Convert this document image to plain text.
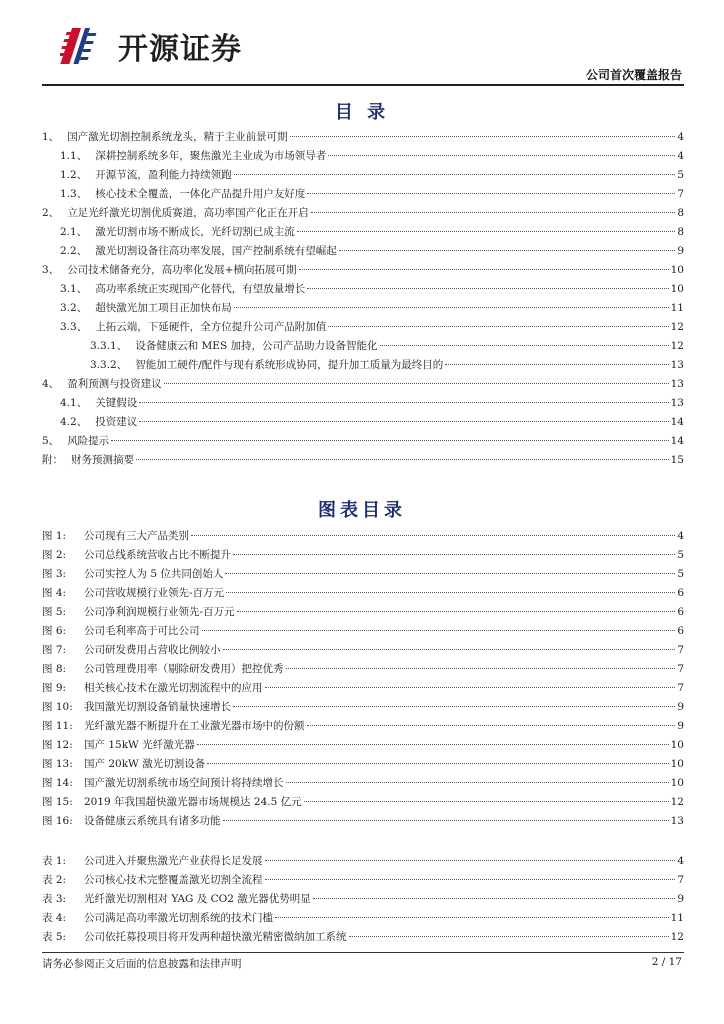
开源证券
公司首次覆盖报告
目 录
1、 国产激光切割控制系统龙头，精于主业前景可期	4
1.1、 深耕控制系统多年，聚焦激光主业成为市场领导者	4
1.2、 开源节流，盈利能力持续领跑	5
1.3、 核心技术全覆盖，一体化产品提升用户友好度	7
2、 立足光纤激光切割优质赛道，高功率国产化正在开启	8
2.1、 激光切割市场不断成长，光纤切割已成主流	8
2.2、 激光切割设备往高功率发展，国产控制系统有望崛起	9
3、 公司技术储备充分，高功率化发展+横向拓展可期	10
3.1、 高功率系统正实现国产化替代，有望放量增长	10
3.2、 超快激光加工项目正加快布局	11
3.3、 上拓云端，下延硬件，全方位提升公司产品附加值	12
3.3.1、 设备健康云和 MES 加持，公司产品助力设备智能化	12
3.3.2、 智能加工硬件/配件与现有系统形成协同，提升加工质量为最终目的	13
4、 盈利预测与投资建议	13
4.1、 关键假设	13
4.2、 投资建议	14
5、 风险提示	14
附： 财务预测摘要	15
图表目录
图 1:	公司现有三大产品类别	4
图 2:	公司总线系统营收占比不断提升	5
图 3:	公司实控人为 5 位共同创始人	5
图 4:	公司营收规模行业领先-百万元	6
图 5:	公司净利润规模行业领先-百万元	6
图 6:	公司毛利率高于可比公司	6
图 7:	公司研发费用占营收比例较小	7
图 8:	公司管理费用率（剔除研发费用）把控优秀	7
图 9:	相关核心技术在激光切割流程中的应用	7
图 10:	我国激光切割设备销量快速增长	9
图 11:	光纤激光器不断提升在工业激光器市场中的份额	9
图 12:	国产 15kW 光纤激光器	10
图 13:	国产 20kW 激光切割设备	10
图 14:	国产激光切割系统市场空间预计将持续增长	10
图 15:	2019 年我国超快激光器市场规模达 24.5 亿元	12
图 16:	设备健康云系统具有诸多功能	13
表 1:	公司进入并聚焦激光产业获得长足发展	4
表 2:	公司核心技术完整覆盖激光切割全流程	7
表 3:	光纤激光切割相对 YAG 及 CO2 激光器优势明显	9
表 4:	公司满足高功率激光切割系统的技术门槛	11
表 5:	公司依托募投项目将开发两种超快激光精密微纳加工系统	12
请务必参阅正文后面的信息披露和法律声明	2 / 17
